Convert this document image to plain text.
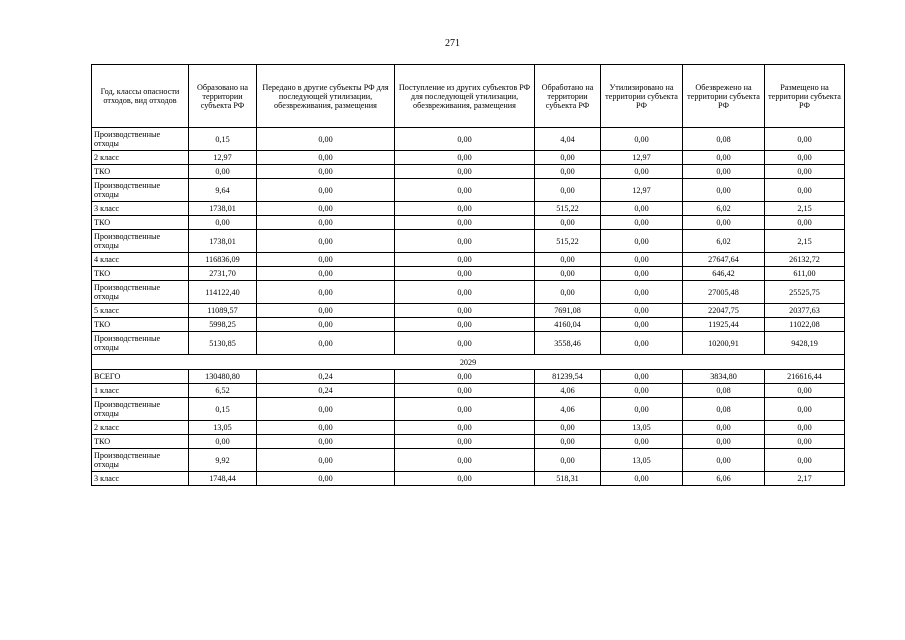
271
Год, классы опасности отходов, вид отходов	Образовано на территории субъекта РФ	Передано в другие субъекты РФ для последующей утилизации, обезвреживания, размещения	Поступление из других субъектов РФ для последующей утилизации, обезвреживания, размещения	Обработано на территории субъекта РФ	Утилизировано на территории субъекта РФ	Обезврежено на территории субъекта РФ	Размещено на территории субъекта РФ
Производственные отходы	0,15	0,00	0,00	4,04	0,00	0,08	0,00
2 класс	12,97	0,00	0,00	0,00	12,97	0,00	0,00
ТКО	0,00	0,00	0,00	0,00	0,00	0,00	0,00
Производственные отходы	9,64	0,00	0,00	0,00	12,97	0,00	0,00
3 класс	1738,01	0,00	0,00	515,22	0,00	6,02	2,15
ТКО	0,00	0,00	0,00	0,00	0,00	0,00	0,00
Производственные отходы	1738,01	0,00	0,00	515,22	0,00	6,02	2,15
4 класс	116836,09	0,00	0,00	0,00	0,00	27647,64	26132,72
ТКО	2731,70	0,00	0,00	0,00	0,00	646,42	611,00
Производственные отходы	114122,40	0,00	0,00	0,00	0,00	27005,48	25525,75
5 класс	11089,57	0,00	0,00	7691,08	0,00	22047,75	20377,63
ТКО	5998,25	0,00	0,00	4160,04	0,00	11925,44	11022,08
Производственные отходы	5130,85	0,00	0,00	3558,46	0,00	10200,91	9428,19
2029							
ВСЕГО	130480,80	0,24	0,00	81239,54	0,00	3834,80	216616,44
1 класс	6,52	0,24	0,00	4,06	0,00	0,08	0,00
Производственные отходы	0,15	0,00	0,00	4,06	0,00	0,08	0,00
2 класс	13,05	0,00	0,00	0,00	13,05	0,00	0,00
ТКО	0,00	0,00	0,00	0,00	0,00	0,00	0,00
Производственные отходы	9,92	0,00	0,00	0,00	13,05	0,00	0,00
3 класс	1748,44	0,00	0,00	518,31	0,00	6,06	2,17
